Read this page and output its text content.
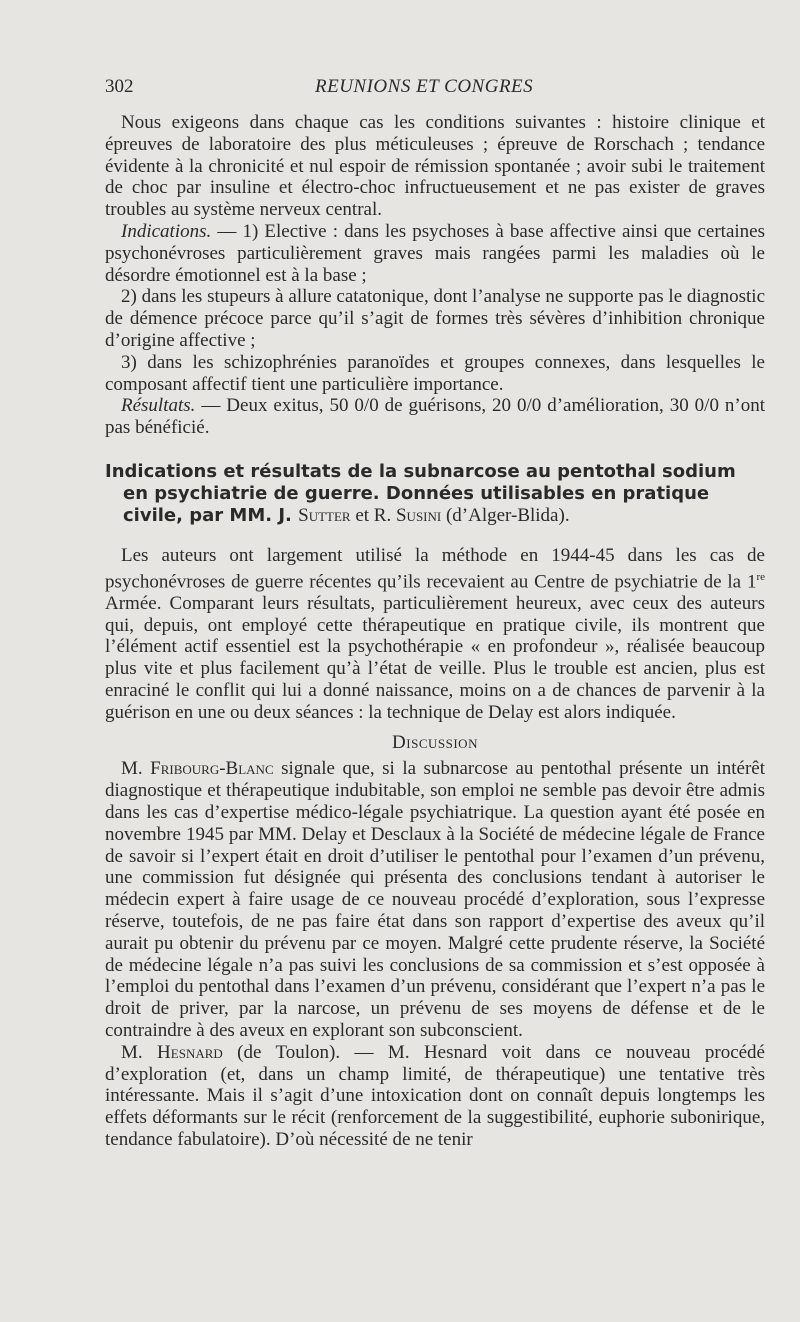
302	REUNIONS ET CONGRES

Nous exigeons dans chaque cas les conditions suivantes : histoire clinique et épreuves de laboratoire des plus méticuleuses ; épreuve de Rorschach ; tendance évidente à la chronicité et nul espoir de rémission spontanée ; avoir subi le traitement de choc par insuline et électro-choc infructueusement et ne pas exister de graves troubles au système nerveux central.

Indications. — 1) Elective : dans les psychoses à base affective ainsi que certaines psychonévroses particulièrement graves mais rangées parmi les maladies où le désordre émotionnel est à la base ;

2) dans les stupeurs à allure catatonique, dont l’analyse ne supporte pas le diagnostic de démence précoce parce qu’il s’agit de formes très sévères d’inhibition chronique d’origine affective ;

3) dans les schizophrénies paranoïdes et groupes connexes, dans lesquelles le composant affectif tient une particulière importance.

Résultats. — Deux exitus, 50 0/0 de guérisons, 20 0/0 d’amélioration, 30 0/0 n’ont pas bénéficié.

Indications et résultats de la subnarcose au pentothal sodium en psychiatrie de guerre. Données utilisables en pratique civile, par MM. J. Sutter et R. Susini (d’Alger-Blida).

Les auteurs ont largement utilisé la méthode en 1944-45 dans les cas de psychonévroses de guerre récentes qu’ils recevaient au Centre de psychiatrie de la 1re Armée. Comparant leurs résultats, particulièrement heureux, avec ceux des auteurs qui, depuis, ont employé cette thérapeutique en pratique civile, ils montrent que l’élément actif essentiel est la psychothérapie « en profondeur », réalisée beaucoup plus vite et plus facilement qu’à l’état de veille. Plus le trouble est ancien, plus est enraciné le conflit qui lui a donné naissance, moins on a de chances de parvenir à la guérison en une ou deux séances : la technique de Delay est alors indiquée.

Discussion

M. Fribourg-Blanc signale que, si la subnarcose au pentothal présente un intérêt diagnostique et thérapeutique indubitable, son emploi ne semble pas devoir être admis dans les cas d’expertise médico-légale psychiatrique. La question ayant été posée en novembre 1945 par MM. Delay et Desclaux à la Société de médecine légale de France de savoir si l’expert était en droit d’utiliser le pentothal pour l’examen d’un prévenu, une commission fut désignée qui présenta des conclusions tendant à autoriser le médecin expert à faire usage de ce nouveau procédé d’exploration, sous l’expresse réserve, toutefois, de ne pas faire état dans son rapport d’expertise des aveux qu’il aurait pu obtenir du prévenu par ce moyen. Malgré cette prudente réserve, la Société de médecine légale n’a pas suivi les conclusions de sa commission et s’est opposée à l’emploi du pentothal dans l’examen d’un prévenu, considérant que l’expert n’a pas le droit de priver, par la narcose, un prévenu de ses moyens de défense et de le contraindre à des aveux en explorant son subconscient.

M. Hesnard (de Toulon). — M. Hesnard voit dans ce nouveau procédé d’exploration (et, dans un champ limité, de thérapeutique) une tentative très intéressante. Mais il s’agit d’une intoxication dont on connaît depuis longtemps les effets déformants sur le récit (renforcement de la suggestibilité, euphorie subonirique, tendance fabulatoire). D’où nécessité de ne tenir
